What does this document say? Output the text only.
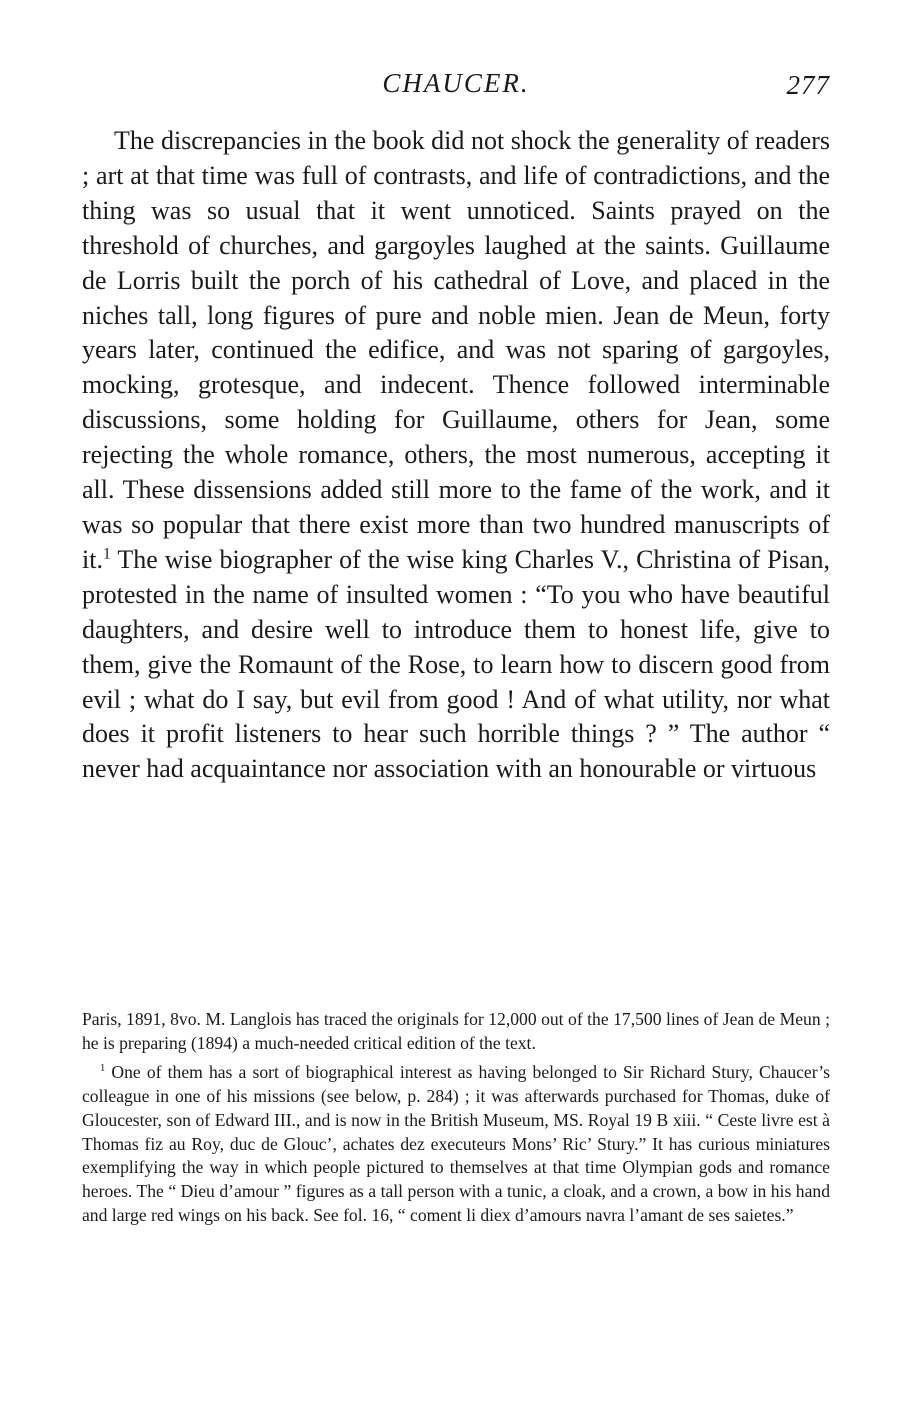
CHAUCER.	277

The discrepancies in the book did not shock the generality of readers ; art at that time was full of contrasts, and life of contradictions, and the thing was so usual that it went unnoticed. Saints prayed on the threshold of churches, and gargoyles laughed at the saints. Guillaume de Lorris built the porch of his cathedral of Love, and placed in the niches tall, long figures of pure and noble mien. Jean de Meun, forty years later, continued the edifice, and was not sparing of gargoyles, mocking, grotesque, and indecent. Thence followed interminable discussions, some holding for Guillaume, others for Jean, some rejecting the whole romance, others, the most numerous, accepting it all. These dissensions added still more to the fame of the work, and it was so popular that there exist more than two hundred manuscripts of it.$^1$ The wise biographer of the wise king Charles V., Christina of Pisan, protested in the name of insulted women : “To you who have beautiful daughters, and desire well to introduce them to honest life, give to them, give the Romaunt of the Rose, to learn how to discern good from evil ; what do I say, but evil from good ! And of what utility, nor what does it profit listeners to hear such horrible things ? ” The author “ never had acquaintance nor association with an honourable or virtuous

Paris, 1891, 8vo. M. Langlois has traced the originals for 12,000 out of the 17,500 lines of Jean de Meun ; he is preparing (1894) a much-needed critical edition of the text.

$^1$ One of them has a sort of biographical interest as having belonged to Sir Richard Stury, Chaucer’s colleague in one of his missions (see below, p. 284) ; it was afterwards purchased for Thomas, duke of Gloucester, son of Edward III., and is now in the British Museum, MS. Royal 19 B xiii. “ Ceste livre est à Thomas fiz au Roy, duc de Glouc’, achates dez executeurs Mons’ Ric’ Stury.” It has curious miniatures exemplifying the way in which people pictured to themselves at that time Olympian gods and romance heroes. The “ Dieu d’amour ” figures as a tall person with a tunic, a cloak, and a crown, a bow in his hand and large red wings on his back. See fol. 16, “ coment li diex d’amours navra l’amant de ses saietes.”
